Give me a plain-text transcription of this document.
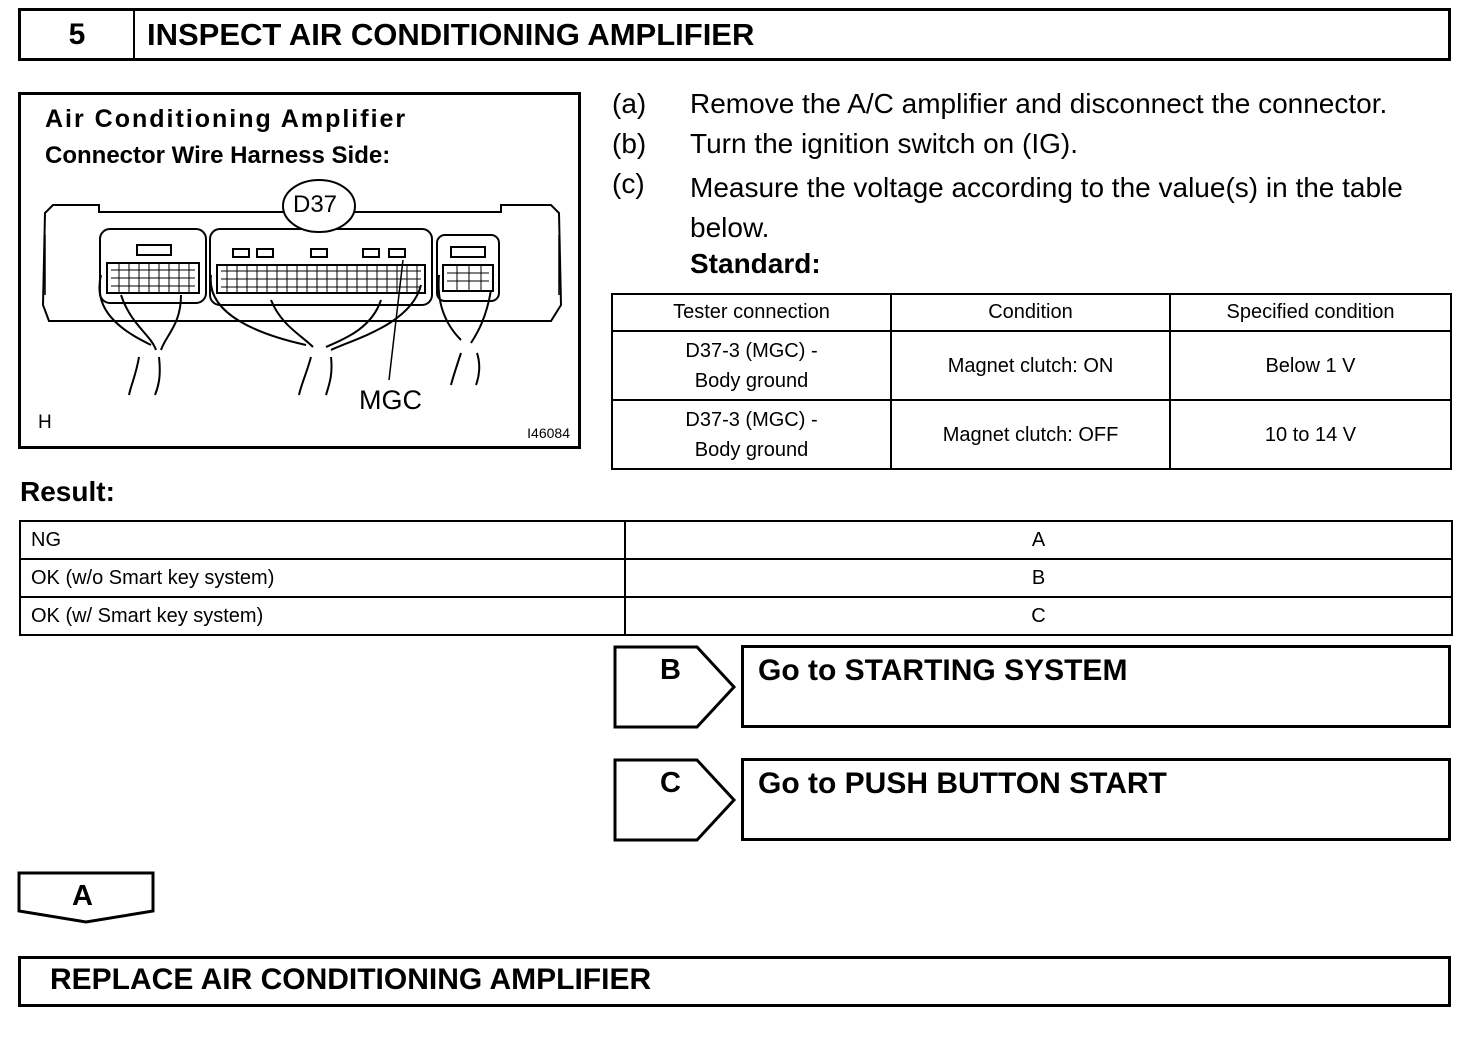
5	INSPECT AIR CONDITIONING AMPLIFIER
Air Conditioning Amplifier
Connector Wire Harness Side:
D37
MGC
H	I46084
(a) Remove the A/C amplifier and disconnect the connector.
(b) Turn the ignition switch on (IG).
(c) Measure the voltage according to the value(s) in the table below.
Standard:
Tester connection	Condition	Specified condition

D37-3 (MGC) -
Body ground	Magnet clutch: ON	Below 1 V

D37-3 (MGC) -
Body ground	Magnet clutch: OFF	10 to 14 V
Result:
NG	A
OK (w/o Smart key system)	B
OK (w/ Smart key system)	C
B	Go to STARTING SYSTEM
C	Go to PUSH BUTTON START
A
REPLACE AIR CONDITIONING AMPLIFIER
